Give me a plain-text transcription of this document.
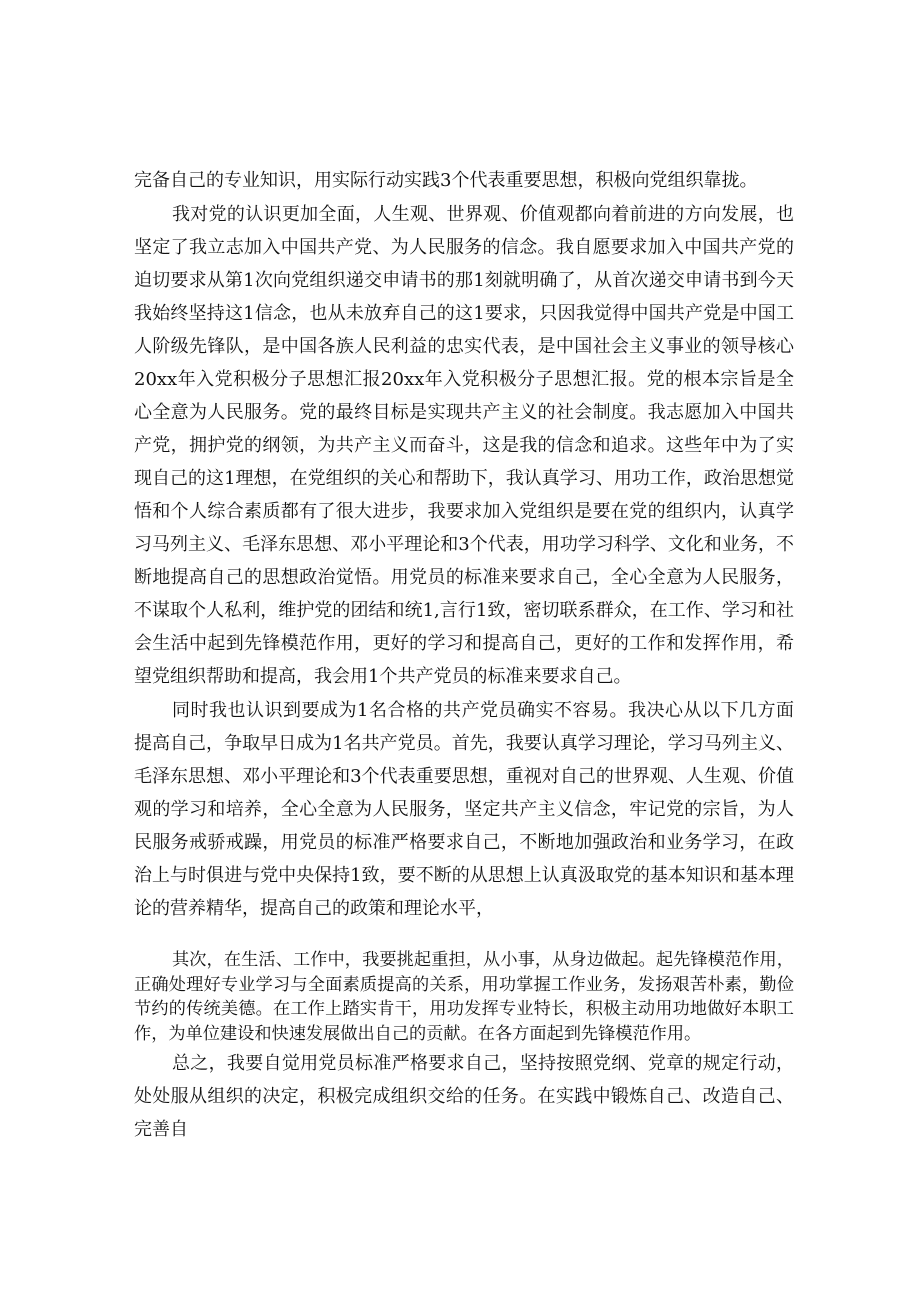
完备自己的专业知识，用实际行动实践3个代表重要思想，积极向党组织靠拢。

我对党的认识更加全面，人生观、世界观、价值观都向着前进的方向发展，也坚定了我立志加入中国共产党、为人民服务的信念。我自愿要求加入中国共产党的迫切要求从第1次向党组织递交申请书的那1刻就明确了，从首次递交申请书到今天我始终坚持这1信念，也从未放弃自己的这1要求，只因我觉得中国共产党是中国工人阶级先锋队，是中国各族人民利益的忠实代表，是中国社会主义事业的领导核心20xx年入党积极分子思想汇报20xx年入党积极分子思想汇报。党的根本宗旨是全心全意为人民服务。党的最终目标是实现共产主义的社会制度。我志愿加入中国共产党，拥护党的纲领，为共产主义而奋斗，这是我的信念和追求。这些年中为了实现自己的这1理想，在党组织的关心和帮助下，我认真学习、用功工作，政治思想觉悟和个人综合素质都有了很大进步，我要求加入党组织是要在党的组织内，认真学习马列主义、毛泽东思想、邓小平理论和3个代表，用功学习科学、文化和业务，不断地提高自己的思想政治觉悟。用党员的标准来要求自己，全心全意为人民服务，不谋取个人私利，维护党的团结和统1,言行1致，密切联系群众，在工作、学习和社会生活中起到先锋模范作用，更好的学习和提高自己，更好的工作和发挥作用，希望党组织帮助和提高，我会用1个共产党员的标准来要求自己。

同时我也认识到要成为1名合格的共产党员确实不容易。我决心从以下几方面提高自己，争取早日成为1名共产党员。首先，我要认真学习理论，学习马列主义、毛泽东思想、邓小平理论和3个代表重要思想，重视对自己的世界观、人生观、价值观的学习和培养，全心全意为人民服务，坚定共产主义信念，牢记党的宗旨，为人民服务戒骄戒躁，用党员的标准严格要求自己，不断地加强政治和业务学习，在政治上与时俱进与党中央保持1致，要不断的从思想上认真汲取党的基本知识和基本理论的营养精华，提高自己的政策和理论水平，

其次，在生活、工作中，我要挑起重担，从小事，从身边做起。起先锋模范作用，正确处理好专业学习与全面素质提高的关系，用功掌握工作业务，发扬艰苦朴素，勤俭节约的传统美德。在工作上踏实肯干，用功发挥专业特长，积极主动用功地做好本职工作，为单位建设和快速发展做出自己的贡献。在各方面起到先锋模范作用。

总之，我要自觉用党员标准严格要求自己，坚持按照党纲、党章的规定行动，处处服从组织的决定，积极完成组织交给的任务。在实践中锻炼自己、改造自己、完善自
